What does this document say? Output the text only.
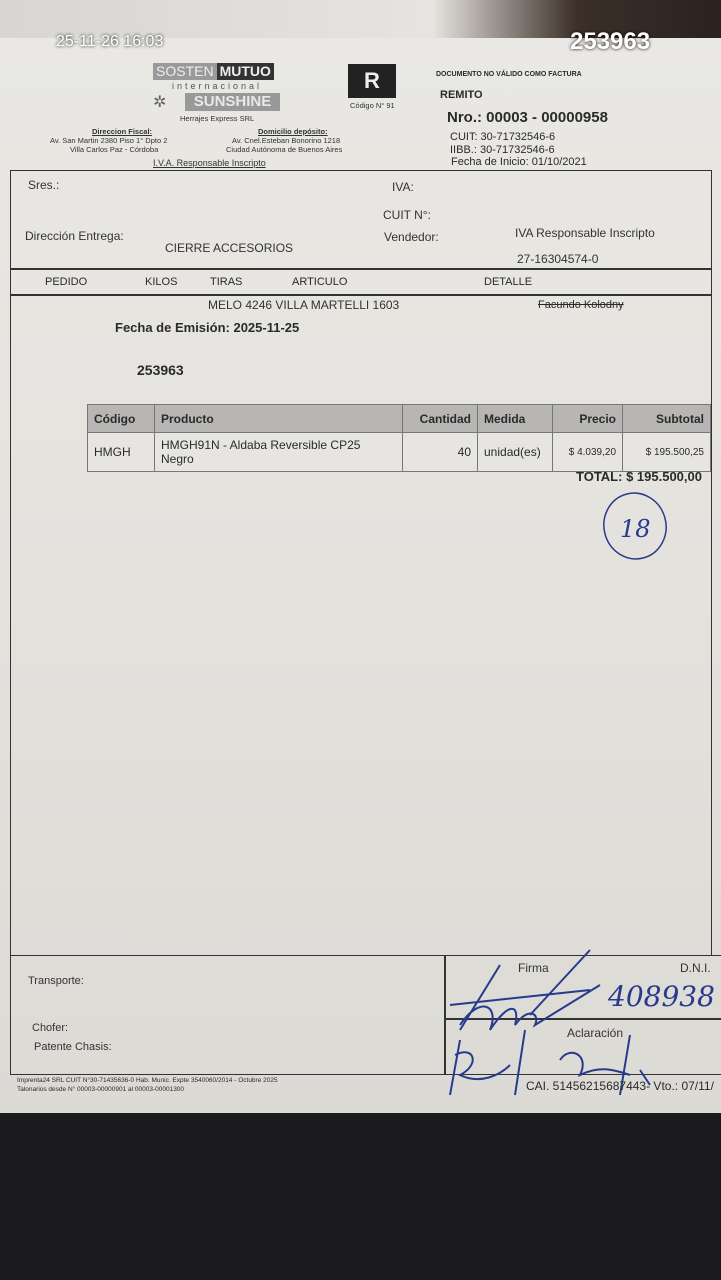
25-11-26 16:03	253963
SOSTEN MUTUO
internacional
✲	SUNSHINE
Herrajes Express SRL
Direccion Fiscal:
Av. San Martin 2380 Piso 1° Dpto 2
Villa Carlos Paz - Córdoba
Domicilio depósito:
Av. Cnel.Esteban Bonorino 1218
Ciudad Autónoma de Buenos Aires
I.V.A. Responsable Inscripto
R
Código N° 91
DOCUMENTO NO VÁLIDO COMO FACTURA
REMITO
Nro.: 00003 - 00000958
CUIT: 30-71732546-6
IIBB.: 30-71732546-6
Fecha de Inicio: 01/10/2021
Sres.:	IVA:
CUIT N°:
Dirección Entrega:	Vendedor:
CIERRE ACCESORIOS
IVA Responsable Inscripto
27-16304574-0
PEDIDO	KILOS	TIRAS	ARTICULO	DETALLE
MELO 4246 VILLA MARTELLI 1603	Facundo Kolodny
Fecha de Emisión: 2025-11-25
253963
Código	Producto	Cantidad	Medida	Precio	Subtotal
HMGH	HMGH91N - Aldaba Reversible CP25 Negro	40	unidad(es)	$ 4.039,20	$ 195.500,25
TOTAL: $ 195.500,00
18
Transporte:
Chofer:
Patente Chasis:
Firma	D.N.I.
Aclaración
408938
Imprenta24 SRL CUIT N°30-71435636-0 Hab. Munic. Expte 3540060/2014 - Octubre 2025
Talonarios desde N° 00003-00000901 al 00003-00001300	CAI. 51456215687443- Vto.: 07/11/
